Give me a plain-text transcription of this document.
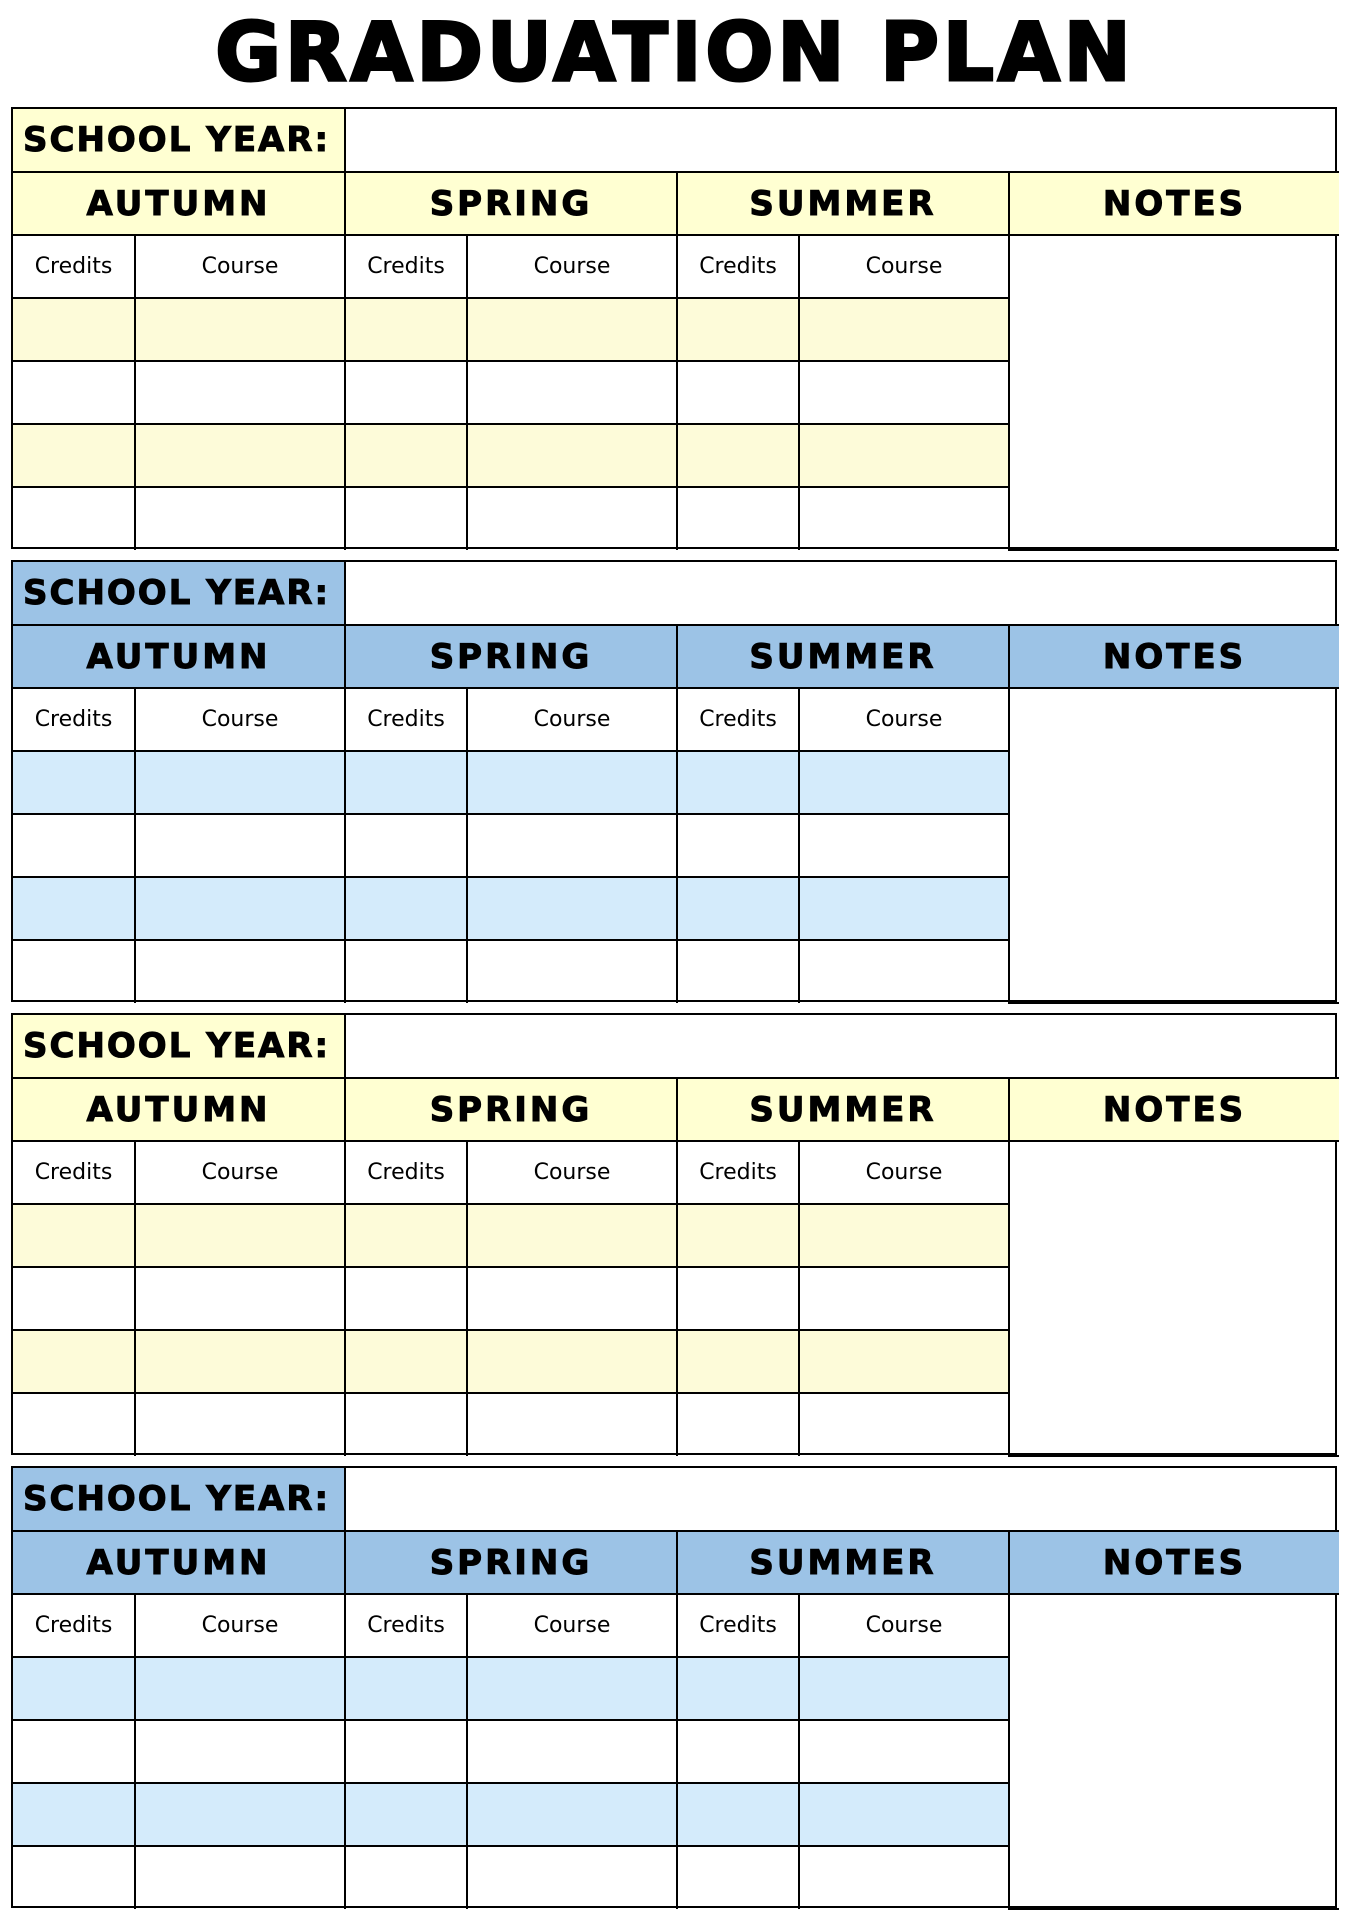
GRADUATION PLAN
SCHOOL YEAR:						
AUTUMN		SPRING		SUMMER		NOTES
Credits	Course	Credits	Course	Credits	Course	

SCHOOL YEAR:						
AUTUMN		SPRING		SUMMER		NOTES
Credits	Course	Credits	Course	Credits	Course	

SCHOOL YEAR:						
AUTUMN		SPRING		SUMMER		NOTES
Credits	Course	Credits	Course	Credits	Course	

SCHOOL YEAR:						
AUTUMN		SPRING		SUMMER		NOTES
Credits	Course	Credits	Course	Credits	Course	
